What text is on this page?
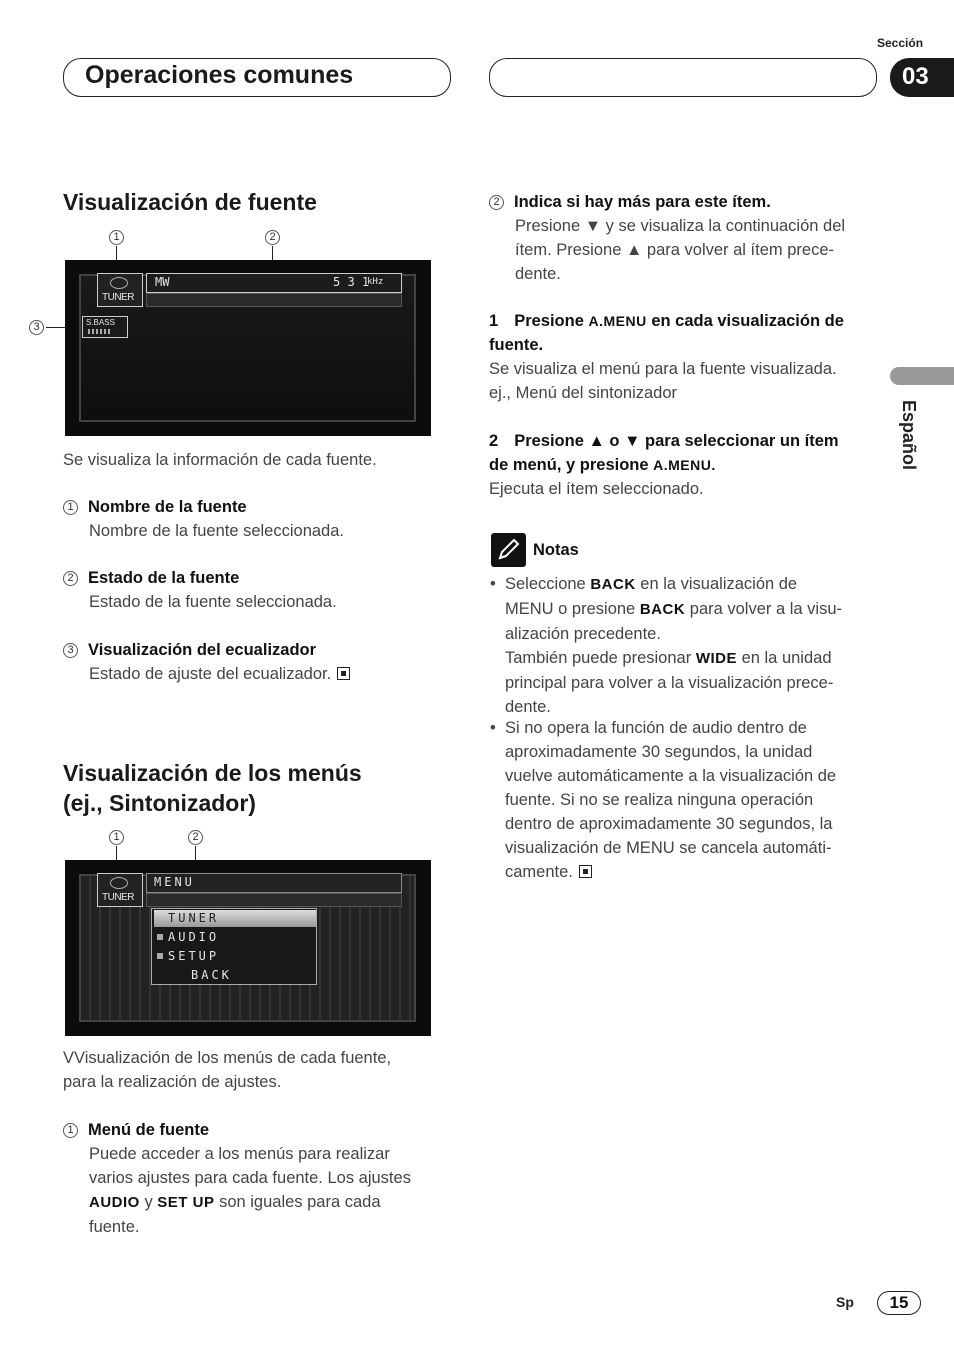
Operaciones comunes
Sección
03
Español
Visualización de fuente
1	2
3
TUNER
MW	5 3 1
kHz
S.BASS
Se visualiza la información de cada fuente.
1 Nombre de la fuente
Nombre de la fuente seleccionada.
2 Estado de la fuente
Estado de la fuente seleccionada.
3 Visualización del ecualizador
Estado de ajuste del ecualizador.
Visualización de los menús
(ej., Sintonizador)
1	2
TUNER
MENU
TUNER
AUDIO
SETUP
BACK
VVisualización de los menús de cada fuente,
para la realización de ajustes.
1 Menú de fuente
Puede acceder a los menús para realizar
varios ajustes para cada fuente. Los ajustes
AUDIO y SET UP son iguales para cada
fuente.
2 Indica si hay más para este ítem.
Presione ▼ y se visualiza la continuación del
ítem. Presione ▲ para volver al ítem prece-
dente.
1 Presione A.MENU en cada visualización de
fuente.
Se visualiza el menú para la fuente visualizada.
ej., Menú del sintonizador
2 Presione ▲ o ▼ para seleccionar un ítem
de menú, y presione A.MENU.
Ejecuta el ítem seleccionado.
Notas
• Seleccione BACK en la visualización de
MENU o presione BACK para volver a la visu-
alización precedente.
También puede presionar WIDE en la unidad
principal para volver a la visualización prece-
dente.
• Si no opera la función de audio dentro de
aproximadamente 30 segundos, la unidad
vuelve automáticamente a la visualización de
fuente. Si no se realiza ninguna operación
dentro de aproximadamente 30 segundos, la
visualización de MENU se cancela automáti-
camente.
Sp	15
